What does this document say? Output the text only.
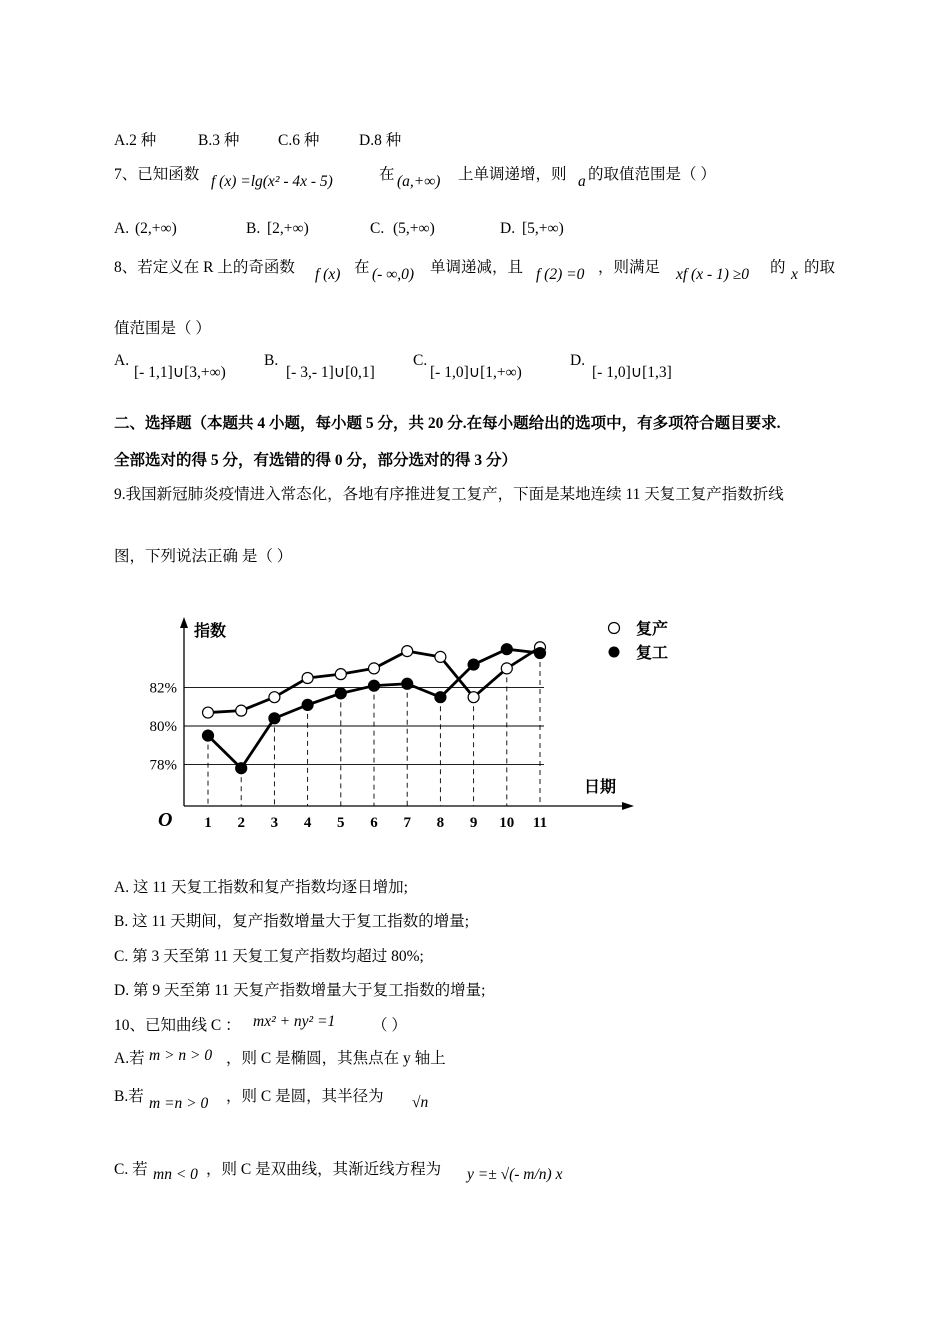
A.2 种	B.3 种 C.6 种	D.8 种
7、已知函数 f (x) =lg(x² - 4x - 5)	在 (a,+∞) 上单调递增，则 a 的取值范围是（ ）
A. (2,+∞)	B. [2,+∞)	C. (5,+∞)	D. [5,+∞)
8、若定义在 R 上的奇函数 f (x) 在 (- ∞,0) 单调递减，且 f (2) =0 ，则满足 xf (x - 1) ≥0 的 x 的取
值范围是（ ）
A.
[- 1,1]∪[3,+∞)
B.
[- 3,- 1]∪[0,1]
C.
[- 1,0]∪[1,+∞)
D.
[- 1,0]∪[1,3]
二、选择题（本题共 4 小题，每小题 5 分，共 20 分.在每小题给出的选项中，有多项符合题目要求.
全部选对的得 5 分，有选错的得 0 分，部分选对的得 3 分）
9.我国新冠肺炎疫情进入常态化，各地有序推进复工复产，下面是某地连续 11 天复工复产指数折线
图，下列说法正确 是（ ）
指数
日期
O
复产
复工
78%
80%
82%
1 2 3 4 5 6 7 8 9 10 11
A. 这 11 天复工指数和复产指数均逐日增加;
B. 这 11 天期间，复产指数增量大于复工指数的增量;
C. 第 3 天至第 11 天复工复产指数均超过 80%;
D. 第 9 天至第 11 天复产指数增量大于复工指数的增量;
10、已知曲线 C ： mx² + ny² =1 （ ）
A.若 m > n > 0 ，则 C 是椭圆，其焦点在 y 轴上
B.若 m =n > 0 ，则 C 是圆，其半径为 √n
C. 若 mn < 0 ，则 C 是双曲线，其渐近线方程为 y =± √(- m/n) x
